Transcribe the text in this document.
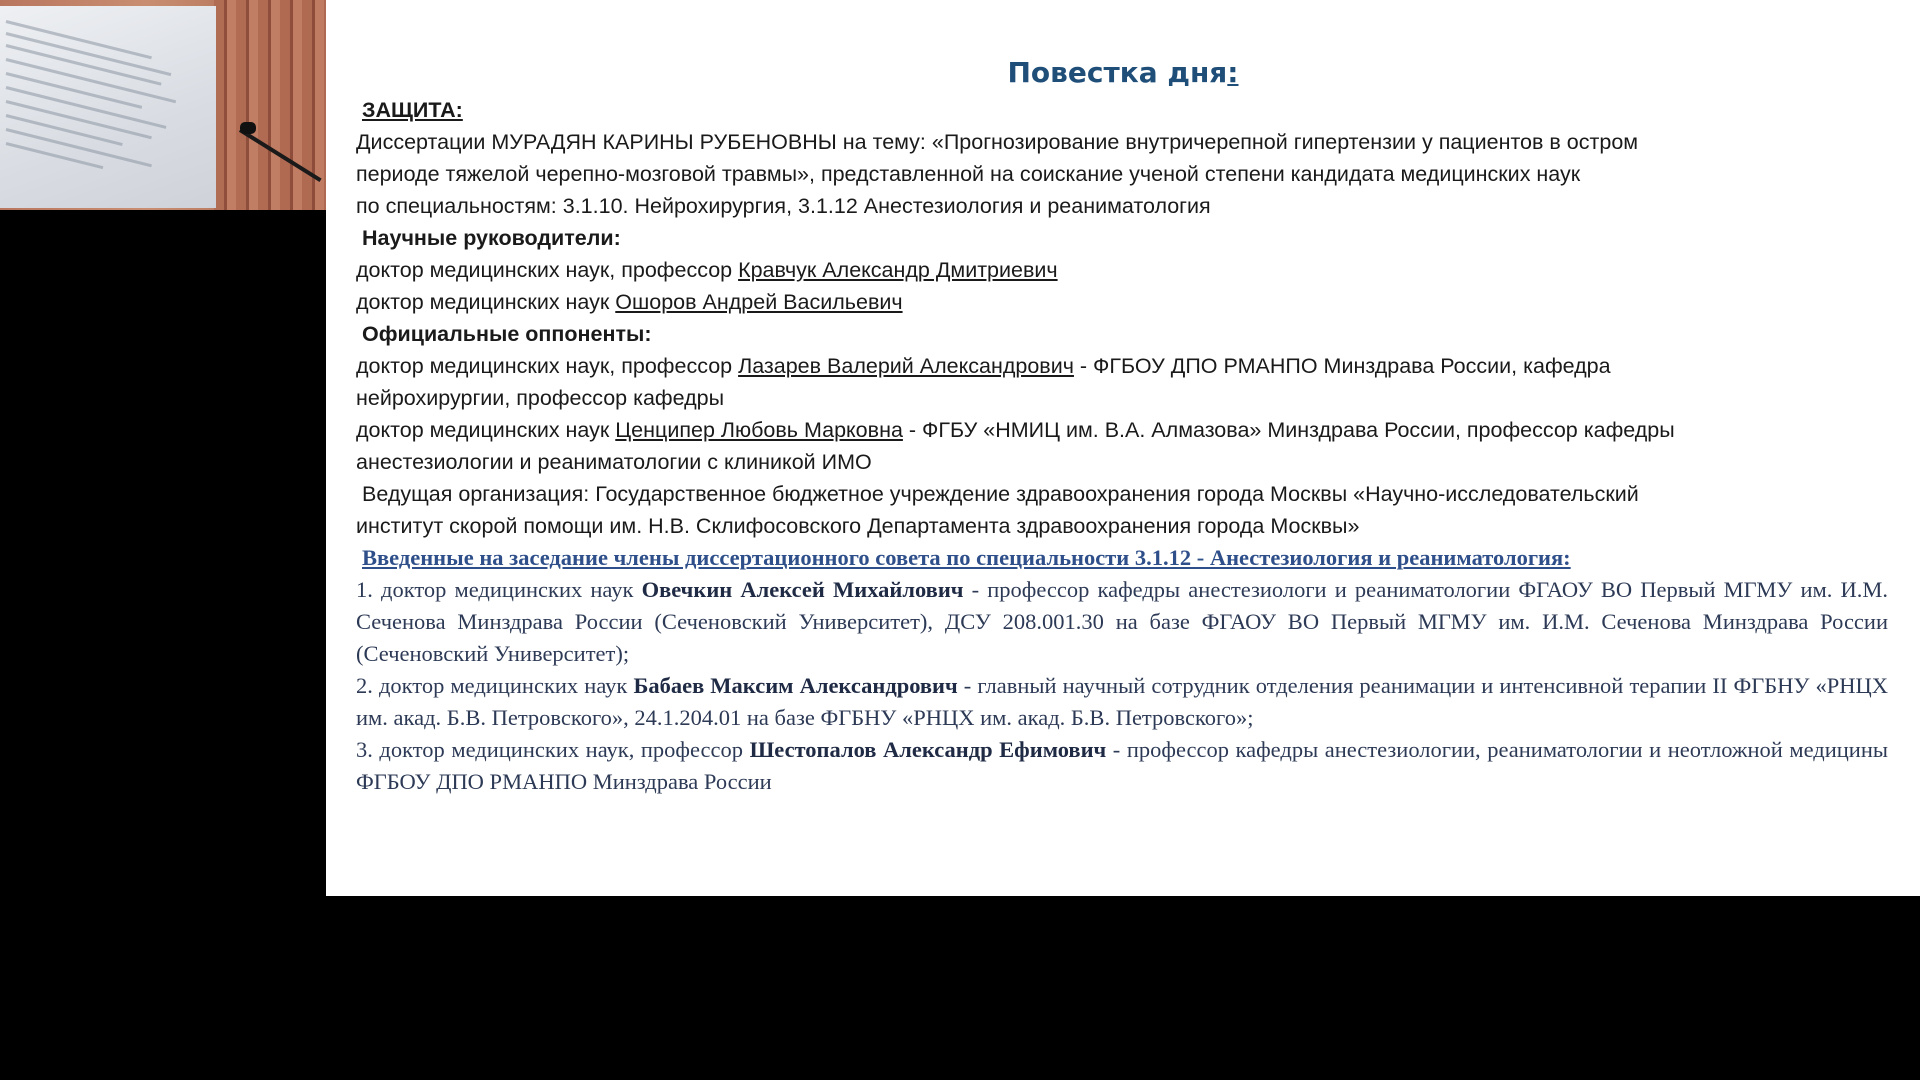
Повестка дня:

ЗАЩИТА:

Диссертации МУРАДЯН КАРИНЫ РУБЕНОВНЫ на тему: «Прогнозирование внутричерепной гипертензии у пациентов в остром

периоде тяжелой черепно-мозговой травмы», представленной на соискание ученой степени кандидата медицинских наук

по специальностям: 3.1.10. Нейрохирургия, 3.1.12 Анестезиология и реаниматология

Научные руководители:

доктор медицинских наук, профессор Кравчук Александр Дмитриевич

доктор медицинских наук Ошоров Андрей Васильевич

Официальные оппоненты:

доктор медицинских наук, профессор Лазарев Валерий Александрович - ФГБОУ ДПО РМАНПО Минздрава России, кафедра

нейрохирургии, профессор кафедры

доктор медицинских наук Ценципер Любовь Марковна - ФГБУ «НМИЦ им. В.А. Алмазова» Минздрава России, профессор кафедры

анестезиологии и реаниматологии с клиникой ИМО

Ведущая организация: Государственное бюджетное учреждение здравоохранения города Москвы «Научно-исследовательский

институт скорой помощи им. Н.В. Склифосовского Департамента здравоохранения города Москвы»

Введенные на заседание члены диссертационного совета по специальности 3.1.12 - Анестезиология и реаниматология:

1. доктор медицинских наук Овечкин Алексей Михайлович - профессор кафедры анестезиологи и реаниматологии ФГАОУ ВО Первый МГМУ им. И.М. Сеченова Минздрава России (Сеченовский Университет), ДСУ 208.001.30 на базе ФГАОУ ВО Первый МГМУ им. И.М. Сеченова Минздрава России (Сеченовский Университет);

2. доктор медицинских наук Бабаев Максим Александрович - главный научный сотрудник отделения реанимации и интенсивной терапии II ФГБНУ «РНЦХ им. акад. Б.В. Петровского», 24.1.204.01 на базе ФГБНУ «РНЦХ им. акад. Б.В. Петровского»;

3. доктор медицинских наук, профессор Шестопалов Александр Ефимович - профессор кафедры анестезиологии, реаниматологии и неотложной медицины ФГБОУ ДПО РМАНПО Минздрава России
